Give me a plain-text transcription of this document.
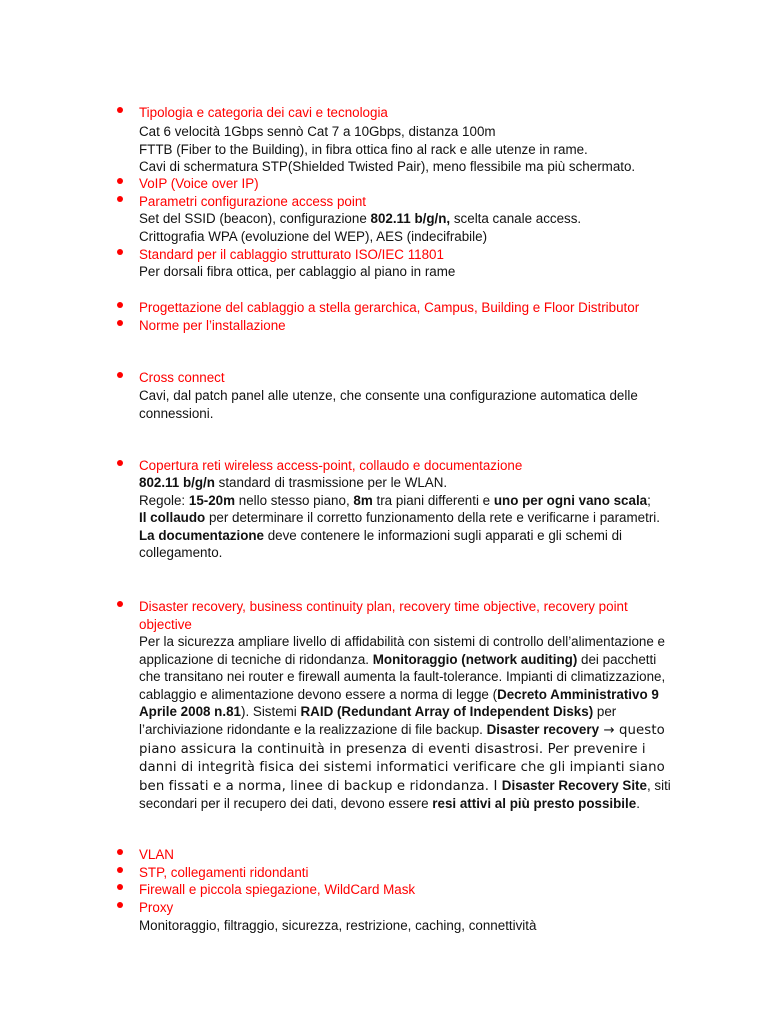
Tipologia e categoria dei cavi e tecnologia

Cat 6 velocità 1Gbps sennò Cat 7 a 10Gbps, distanza 100m

FTTB (Fiber to the Building), in fibra ottica fino al rack e alle utenze in rame.

Cavi di schermatura STP(Shielded Twisted Pair), meno flessibile ma più schermato.

VoIP (Voice over IP)
Parametri configurazione access point

Set del SSID (beacon), configurazione 802.11 b/g/n, scelta canale access.

Crittografia WPA (evoluzione del WEP), AES (indecifrabile)

Standard per il cablaggio strutturato ISO/IEC 11801

Per dorsali fibra ottica, per cablaggio al piano in rame

Progettazione del cablaggio a stella gerarchica, Campus, Building e Floor Distributor
Norme per l’installazione
Cross connect

Cavi, dal patch panel alle utenze, che consente una configurazione automatica delle connessioni.

Copertura reti wireless access-point, collaudo e documentazione

802.11 b/g/n standard di trasmissione per le WLAN.

Regole: 15-20m nello stesso piano, 8m tra piani differenti e uno per ogni vano scala;

Il collaudo per determinare il corretto funzionamento della rete e verificarne i parametri. La documentazione deve contenere le informazioni sugli apparati e gli schemi di collegamento.

Disaster recovery, business continuity plan, recovery time objective, recovery point objective

Per la sicurezza ampliare livello di affidabilità con sistemi di controllo dell’alimentazione e applicazione di tecniche di ridondanza. Monitoraggio (network auditing) dei pacchetti che transitano nei router e firewall aumenta la fault-tolerance. Impianti di climatizzazione, cablaggio e alimentazione devono essere a norma di legge (Decreto Amministrativo 9 Aprile 2008 n.81). Sistemi RAID (Redundant Array of Independent Disks) per l’archiviazione ridondante e la realizzazione di file backup. Disaster recovery → questo piano assicura la continuità in presenza di eventi disastrosi. Per prevenire i danni di integrità fisica dei sistemi informatici verificare che gli impianti siano ben fissati e a norma, linee di backup e ridondanza. I Disaster Recovery Site, siti secondari per il recupero dei dati, devono essere resi attivi al più presto possibile.

VLAN
STP, collegamenti ridondanti
Firewall e piccola spiegazione, WildCard Mask
Proxy

Monitoraggio, filtraggio, sicurezza, restrizione, caching, connettività
